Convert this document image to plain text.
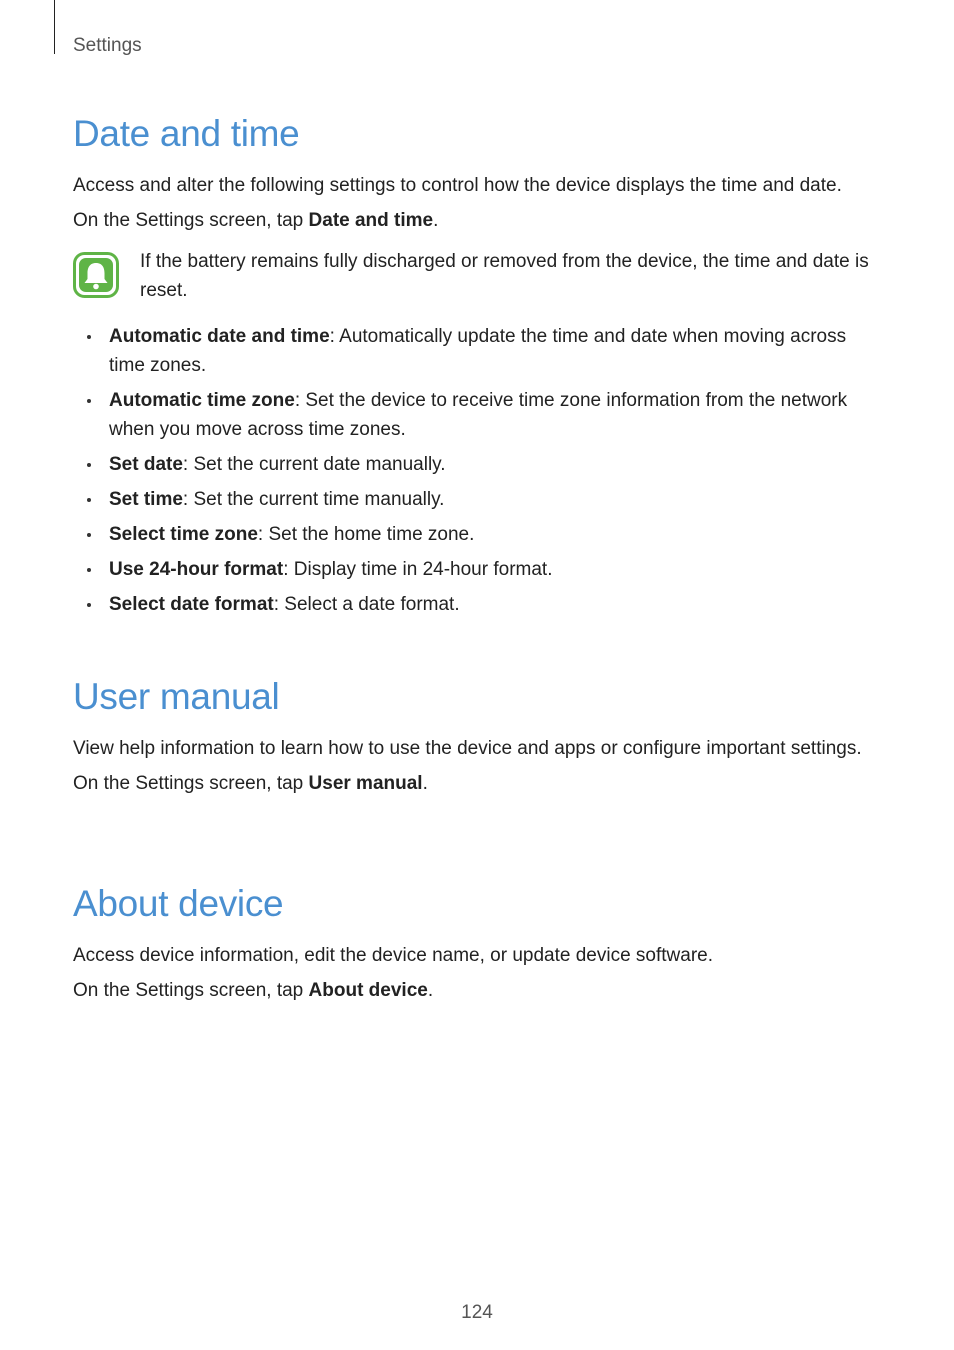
Settings
Date and time

Access and alter the following settings to control how the device displays the time and date.

On the Settings screen, tap Date and time.

If the battery remains fully discharged or removed from the device, the time and date is reset.

Automatic date and time: Automatically update the time and date when moving across time zones.
Automatic time zone: Set the device to receive time zone information from the network when you move across time zones.
Set date: Set the current date manually.
Set time: Set the current time manually.
Select time zone: Set the home time zone.
Use 24-hour format: Display time in 24-hour format.
Select date format: Select a date format.
User manual

View help information to learn how to use the device and apps or configure important settings.

On the Settings screen, tap User manual.

About device

Access device information, edit the device name, or update device software.

On the Settings screen, tap About device.

124
